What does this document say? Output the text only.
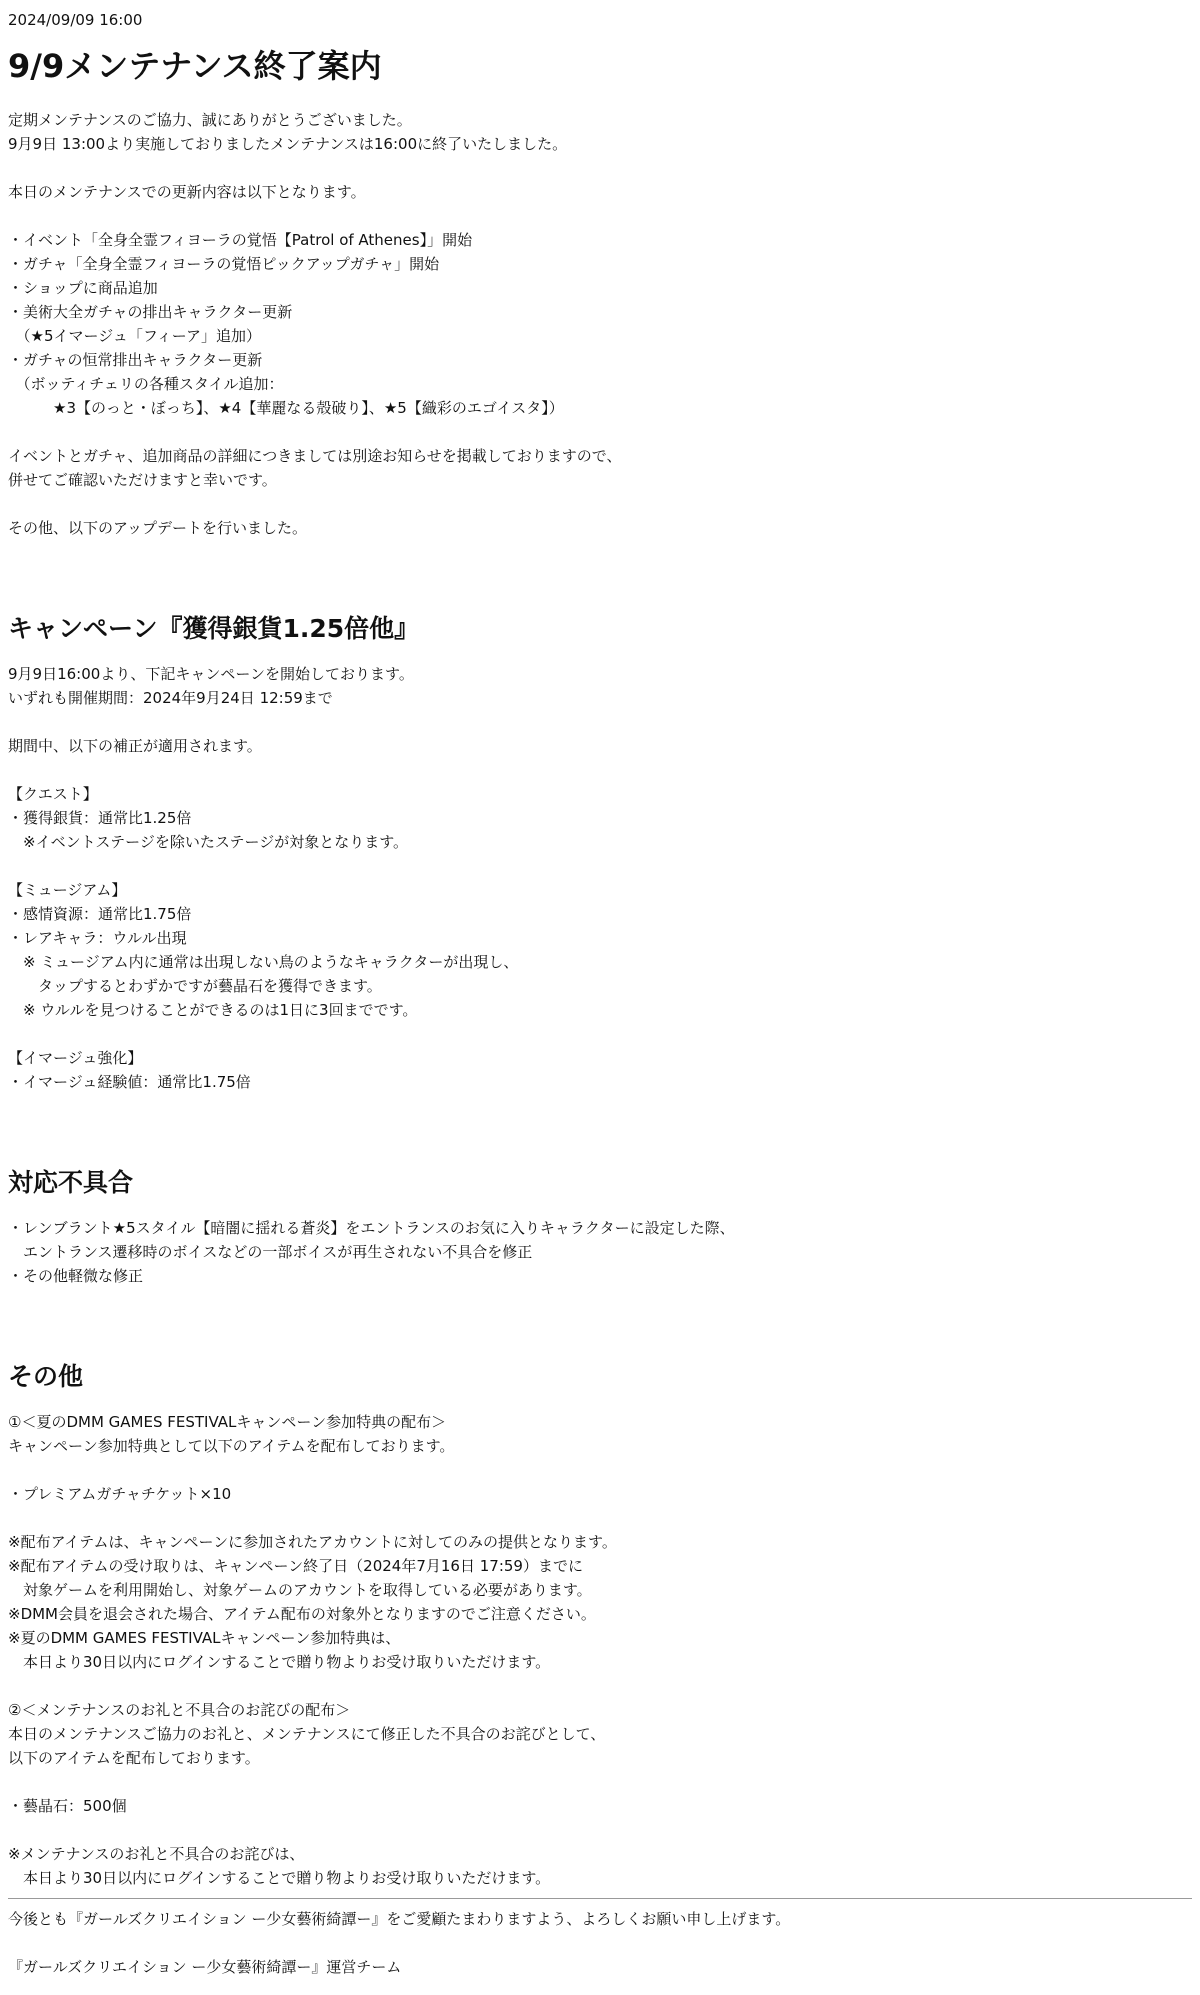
2024/09/09 16:00
9/9メンテナンス終了案内
定期メンテナンスのご協力、誠にありがとうございました。
9月9日 13:00より実施しておりましたメンテナンスは16:00に終了いたしました。
本日のメンテナンスでの更新内容は以下となります。
・イベント「全身全霊フィヨーラの覚悟【Patrol of Athenes】」開始
・ガチャ「全身全霊フィヨーラの覚悟ピックアップガチャ」開始
・ショップに商品追加
・美術大全ガチャの排出キャラクター更新
　（★5イマージュ「フィーア」追加）
・ガチャの恒常排出キャラクター更新
　（ボッティチェリの各種スタイル追加：
　　　★3【のっと・ぼっち】、★4【華麗なる殻破り】、★5【織彩のエゴイスタ】）
イベントとガチャ、追加商品の詳細につきましては別途お知らせを掲載しておりますので、
併せてご確認いただけますと幸いです。
その他、以下のアップデートを行いました。
キャンペーン『獲得銀貨1.25倍他』
9月9日16:00より、下記キャンペーンを開始しております。
いずれも開催期間：2024年9月24日 12:59まで
期間中、以下の補正が適用されます。
【クエスト】
・獲得銀貨：通常比1.25倍
　※イベントステージを除いたステージが対象となります。
【ミュージアム】
・感情資源：通常比1.75倍
・レアキャラ：ウルル出現
　※ ミュージアム内に通常は出現しない鳥のようなキャラクターが出現し、
　　タップするとわずかですが藝晶石を獲得できます。
　※ ウルルを見つけることができるのは1日に3回までです。
【イマージュ強化】
・イマージュ経験値：通常比1.75倍
対応不具合
・レンブラント★5スタイル【暗闇に揺れる蒼炎】をエントランスのお気に入りキャラクターに設定した際、
　エントランス遷移時のボイスなどの一部ボイスが再生されない不具合を修正
・その他軽微な修正
その他
①＜夏のDMM GAMES FESTIVALキャンペーン参加特典の配布＞
キャンペーン参加特典として以下のアイテムを配布しております。
・プレミアムガチャチケット×10
※配布アイテムは、キャンペーンに参加されたアカウントに対してのみの提供となります。
※配布アイテムの受け取りは、キャンペーン終了日（2024年7月16日 17:59）までに
　対象ゲームを利用開始し、対象ゲームのアカウントを取得している必要があります。
※DMM会員を退会された場合、アイテム配布の対象外となりますのでご注意ください。
※夏のDMM GAMES FESTIVALキャンペーン参加特典は、
　本日より30日以内にログインすることで贈り物よりお受け取りいただけます。
②＜メンテナンスのお礼と不具合のお詫びの配布＞
本日のメンテナンスご協力のお礼と、メンテナンスにて修正した不具合のお詫びとして、
以下のアイテムを配布しております。
・藝晶石：500個
※メンテナンスのお礼と不具合のお詫びは、
　本日より30日以内にログインすることで贈り物よりお受け取りいただけます。
今後とも『ガールズクリエイション ー少女藝術綺譚ー』をご愛顧たまわりますよう、よろしくお願い申し上げます。
『ガールズクリエイション ー少女藝術綺譚ー』運営チーム
